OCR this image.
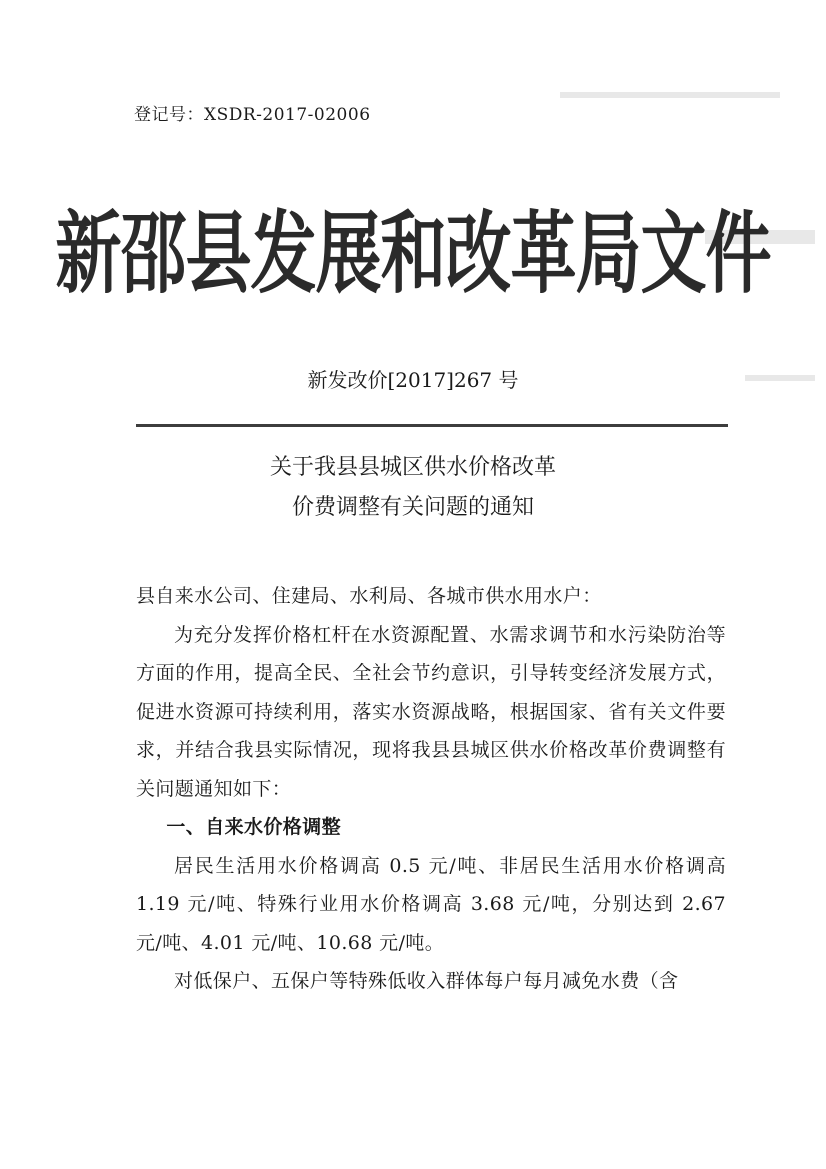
登记号：XSDR-2017-02006
新邵县发展和改革局文件
新发改价[2017]267 号
关于我县县城区供水价格改革
价费调整有关问题的通知

县自来水公司、住建局、水利局、各城市供水用水户：

为充分发挥价格杠杆在水资源配置、水需求调节和水污染防治等方面的作用，提高全民、全社会节约意识，引导转变经济发展方式，促进水资源可持续利用，落实水资源战略，根据国家、省有关文件要求，并结合我县实际情况，现将我县县城区供水价格改革价费调整有关问题通知如下：

一、自来水价格调整

居民生活用水价格调高 0.5 元/吨、非居民生活用水价格调高 1.19 元/吨、特殊行业用水价格调高 3.68 元/吨，分别达到 2.67 元/吨、4.01 元/吨、10.68 元/吨。

对低保户、五保户等特殊低收入群体每户每月减免水费（含
